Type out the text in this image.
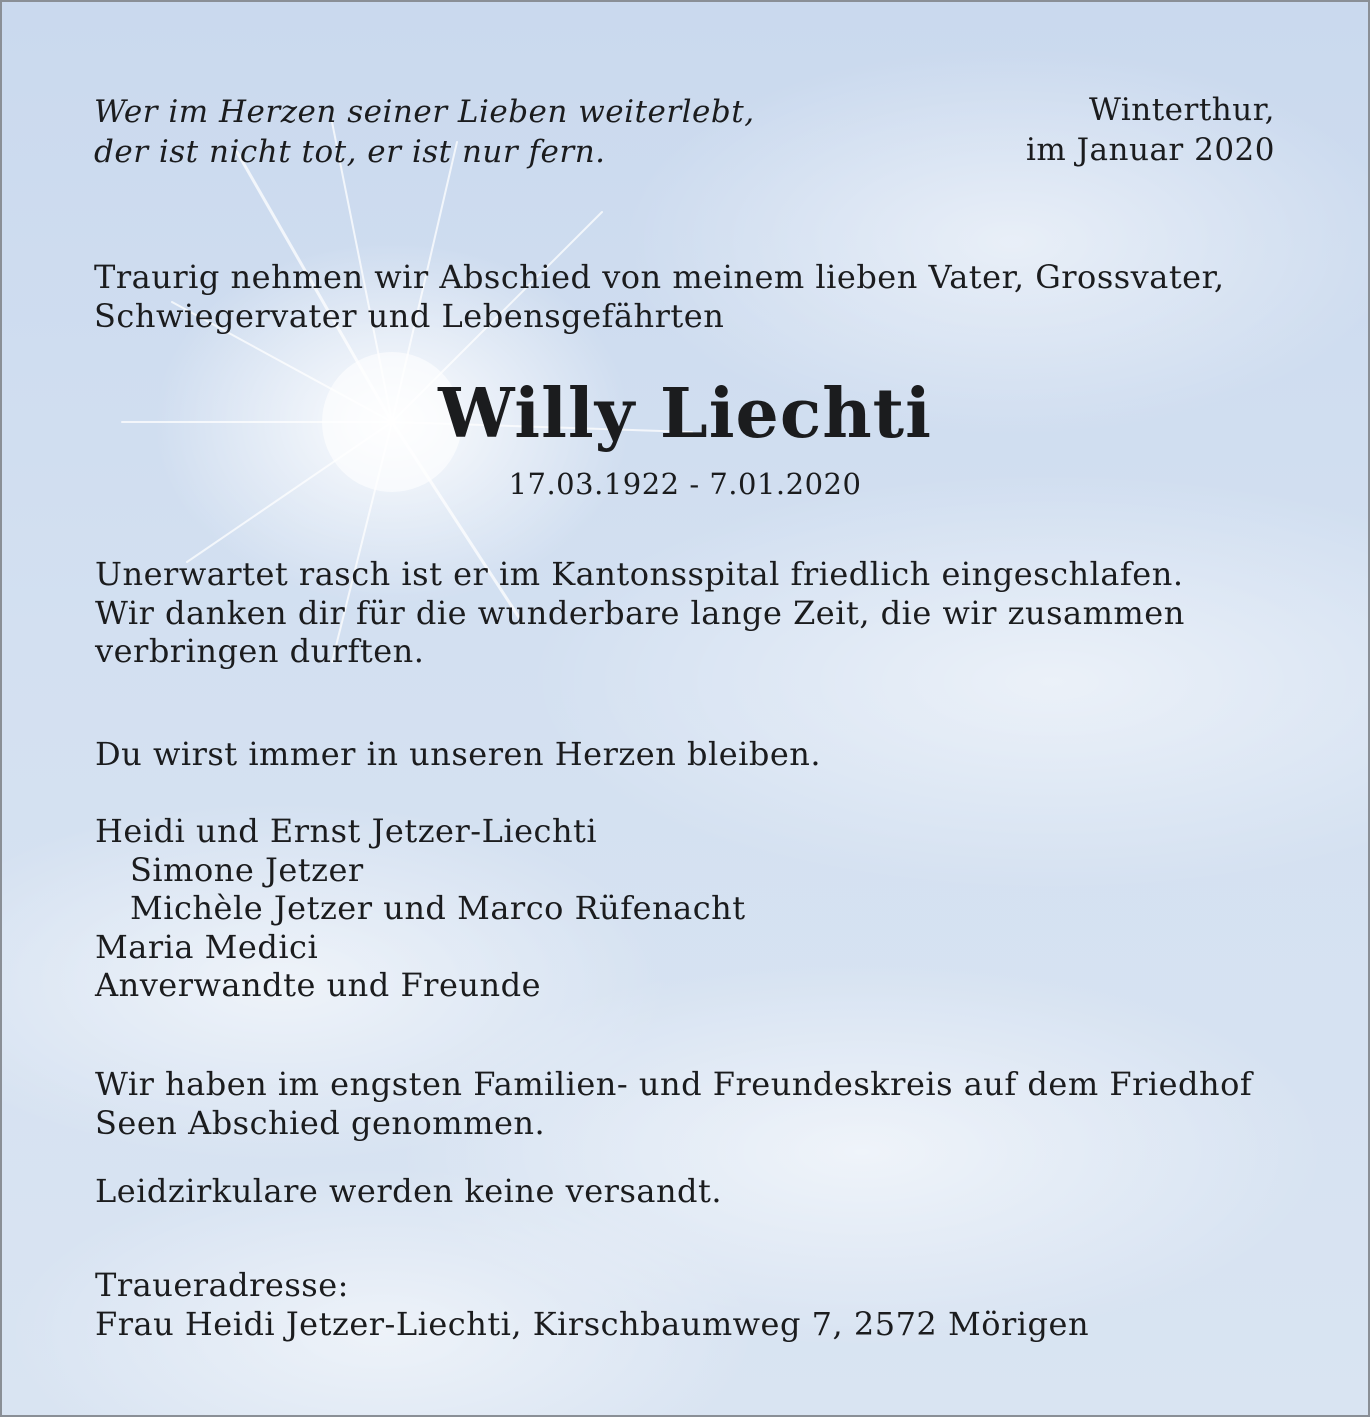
Wer im Herzen seiner Lieben weiterlebt,
der ist nicht tot, er ist nur fern.

Winterthur,
im Januar 2020

Traurig nehmen wir Abschied von meinem lieben Vater, Grossvater,
Schwiegervater und Lebensgefährten

Willy Liechti

17.03.1922 - 7.01.2020

Unerwartet rasch ist er im Kantonsspital friedlich eingeschlafen.
Wir danken dir für die wunderbare lange Zeit, die wir zusammen
verbringen durften.

Du wirst immer in unseren Herzen bleiben.

Heidi und Ernst Jetzer-Liechti
Simone Jetzer
Michèle Jetzer und Marco Rüfenacht
Maria Medici
Anverwandte und Freunde

Wir haben im engsten Familien- und Freundeskreis auf dem Friedhof
Seen Abschied genommen.

Leidzirkulare werden keine versandt.

Traueradresse:
Frau Heidi Jetzer-Liechti, Kirschbaumweg 7, 2572 Mörigen
